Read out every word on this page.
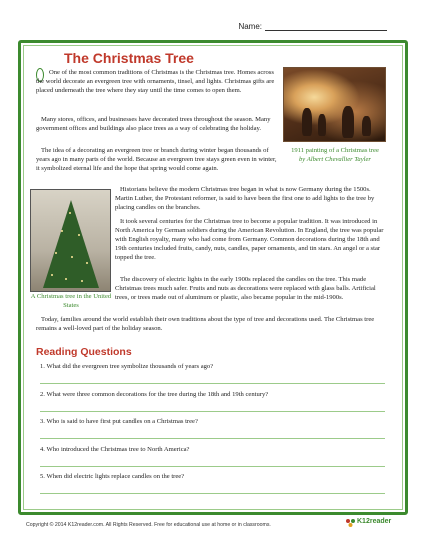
Name:
The Christmas Tree
One of the most common traditions of Christmas is the Christmas tree. Homes across the world decorate an evergreen tree with ornaments, tinsel, and lights. Christmas gifts are placed underneath the tree where they stay until the time comes to open them.
Many stores, offices, and businesses have decorated trees throughout the season. Many government offices and buildings also place trees as a way of celebrating the holiday.
The idea of a decorating an evergreen tree or branch during winter began thousands of years ago in many parts of the world. Because an evergreen tree stays green even in winter, it symbolized eternal life and the hope that spring would come again.
1911 painting of a Christmas tree
by Albert Chevallier Tayler
A Christmas tree in the United States
Historians believe the modern Christmas tree began in what is now Germany during the 1500s. Martin Luther, the Protestant reformer, is said to have been the first one to add lights to the tree by placing candles on the branches.
It took several centuries for the Christmas tree to become a popular tradition. It was introduced in North America by German soldiers during the American Revolution. In England, the tree was popular with English royalty, many who had come from Germany. Common decorations during the 18th and 19th centuries included fruits, candy, nuts, candles, paper ornaments, and tin stars. An angel or a star topped the tree.
The discovery of electric lights in the early 1900s replaced the candles on the tree. This made Christmas trees much safer. Fruits and nuts as decorations were replaced with glass balls. Artificial trees, or trees made out of aluminum or plastic, also became popular in the mid-1900s.
Today, families around the world establish their own traditions about the type of tree and decorations used. The Christmas tree remains a well-loved part of the holiday season.
Reading Questions
1. What did the evergreen tree symbolize thousands of years ago?
2. What were three common decorations for the tree during the 18th and 19th century?
3. Who is said to have first put candles on a Christmas tree?
4. Who introduced the Christmas tree to North America?
5. When did electric lights replace candles on the tree?
Copyright © 2014 K12reader.com. All Rights Reserved. Free for educational use at home or in classrooms.	K12reader
